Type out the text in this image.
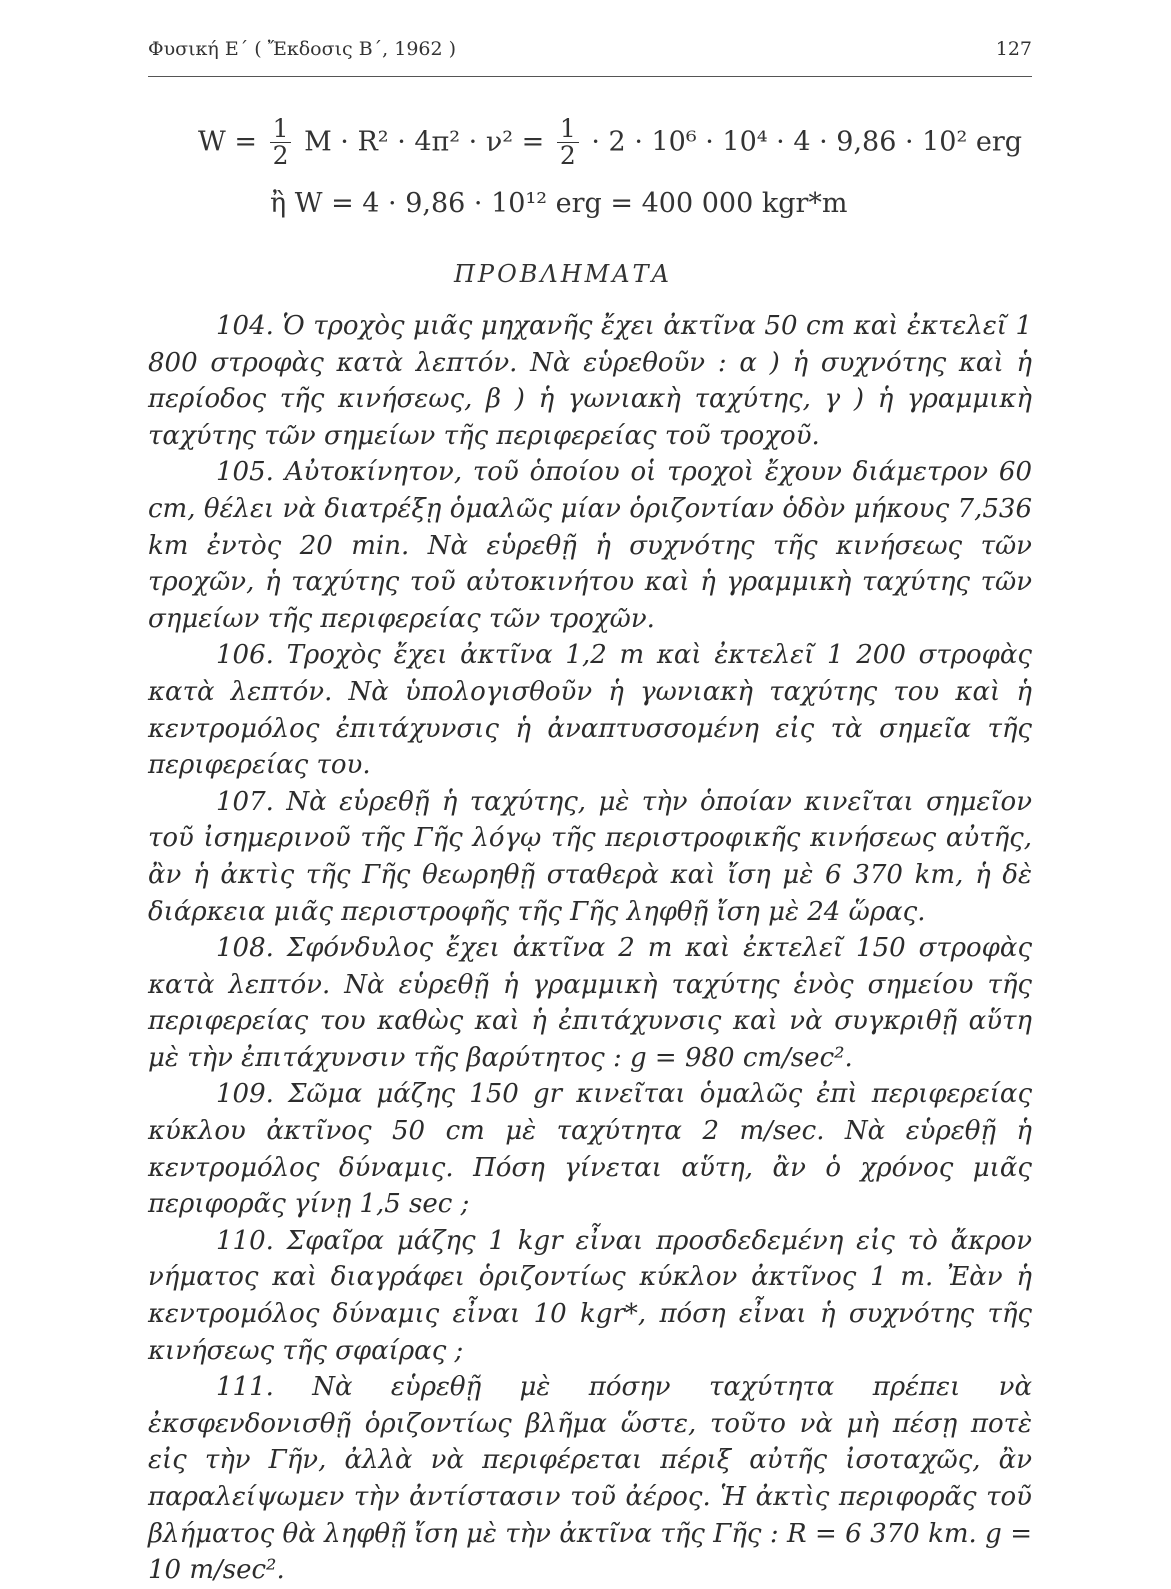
Φυσική Ε΄ ( Ἔκδοσις Β΄, 1962 )	127
$W = \frac{1}{2}$ $M \cdot R^2 \cdot 4\pi^2 \cdot \nu^2 = \frac{1}{2} \cdot 2 \cdot 10^6 \cdot 10^4 \cdot 4 \cdot 9,86 \cdot 10^2$ erg
ἢ W = 4 · 9,86 · 10¹² erg = 400 000 kgr*m
ΠΡΟΒΛΗΜΑΤΑ

104. Ὁ τροχὸς μιᾶς μηχανῆς ἔχει ἀκτῖνα 50 cm καὶ ἐκτελεῖ 1 800 στροφὰς κατὰ λεπτόν. Νὰ εὑρεθοῦν : α ) ἡ συχνότης καὶ ἡ περίοδος τῆς κινήσεως, β ) ἡ γωνιακὴ ταχύτης, γ ) ἡ γραμμικὴ ταχύτης τῶν σημείων τῆς περιφερείας τοῦ τροχοῦ.

105. Αὐτοκίνητον, τοῦ ὁποίου οἱ τροχοὶ ἔχουν διάμετρον 60 cm, θέλει νὰ διατρέξῃ ὁμαλῶς μίαν ὁριζοντίαν ὁδὸν μήκους 7,536 km ἐντὸς 20 min. Νὰ εὑρεθῇ ἡ συχνότης τῆς κινήσεως τῶν τροχῶν, ἡ ταχύτης τοῦ αὐτοκινήτου καὶ ἡ γραμμικὴ ταχύτης τῶν σημείων τῆς περιφερείας τῶν τροχῶν.

106. Τροχὸς ἔχει ἀκτῖνα 1,2 m καὶ ἐκτελεῖ 1 200 στροφὰς κατὰ λεπτόν. Νὰ ὑπολογισθοῦν ἡ γωνιακὴ ταχύτης του καὶ ἡ κεντρομόλος ἐπιτάχυνσις ἡ ἀναπτυσσομένη εἰς τὰ σημεῖα τῆς περιφερείας του.

107. Νὰ εὑρεθῇ ἡ ταχύτης, μὲ τὴν ὁποίαν κινεῖται σημεῖον τοῦ ἰσημερινοῦ τῆς Γῆς λόγῳ τῆς περιστροφικῆς κινήσεως αὐτῆς, ἂν ἡ ἀκτὶς τῆς Γῆς θεωρηθῇ σταθερὰ καὶ ἴση μὲ 6 370 km, ἡ δὲ διάρκεια μιᾶς περιστροφῆς τῆς Γῆς ληφθῇ ἴση μὲ 24 ὥρας.

108. Σφόνδυλος ἔχει ἀκτῖνα 2 m καὶ ἐκτελεῖ 150 στροφὰς κατὰ λεπτόν. Νὰ εὑρεθῇ ἡ γραμμικὴ ταχύτης ἑνὸς σημείου τῆς περιφερείας του καθὼς καὶ ἡ ἐπιτάχυνσις καὶ νὰ συγκριθῇ αὕτη μὲ τὴν ἐπιτάχυνσιν τῆς βαρύτητος : g = 980 cm/sec².

109. Σῶμα μάζης 150 gr κινεῖται ὁμαλῶς ἐπὶ περιφερείας κύκλου ἀκτῖνος 50 cm μὲ ταχύτητα 2 m/sec. Νὰ εὑρεθῇ ἡ κεντρομόλος δύναμις. Πόση γίνεται αὕτη, ἂν ὁ χρόνος μιᾶς περιφορᾶς γίνῃ 1,5 sec ;

110. Σφαῖρα μάζης 1 kgr εἶναι προσδεδεμένη εἰς τὸ ἄκρον νήματος καὶ διαγράφει ὁριζοντίως κύκλον ἀκτῖνος 1 m. Ἐὰν ἡ κεντρομόλος δύναμις εἶναι 10 kgr*, πόση εἶναι ἡ συχνότης τῆς κινήσεως τῆς σφαίρας ;

111. Νὰ εὑρεθῇ μὲ πόσην ταχύτητα πρέπει νὰ ἐκσφενδονισθῇ ὁριζοντίως βλῆμα ὥστε, τοῦτο νὰ μὴ πέσῃ ποτὲ εἰς τὴν Γῆν, ἀλλὰ νὰ περιφέρεται πέριξ αὐτῆς ἰσοταχῶς, ἂν παραλείψωμεν τὴν ἀντίστασιν τοῦ ἀέρος. Ἡ ἀκτὶς περιφορᾶς τοῦ βλήματος θὰ ληφθῇ ἴση μὲ τὴν ἀκτῖνα τῆς Γῆς : R = 6 370 km. g = 10 m/sec².
